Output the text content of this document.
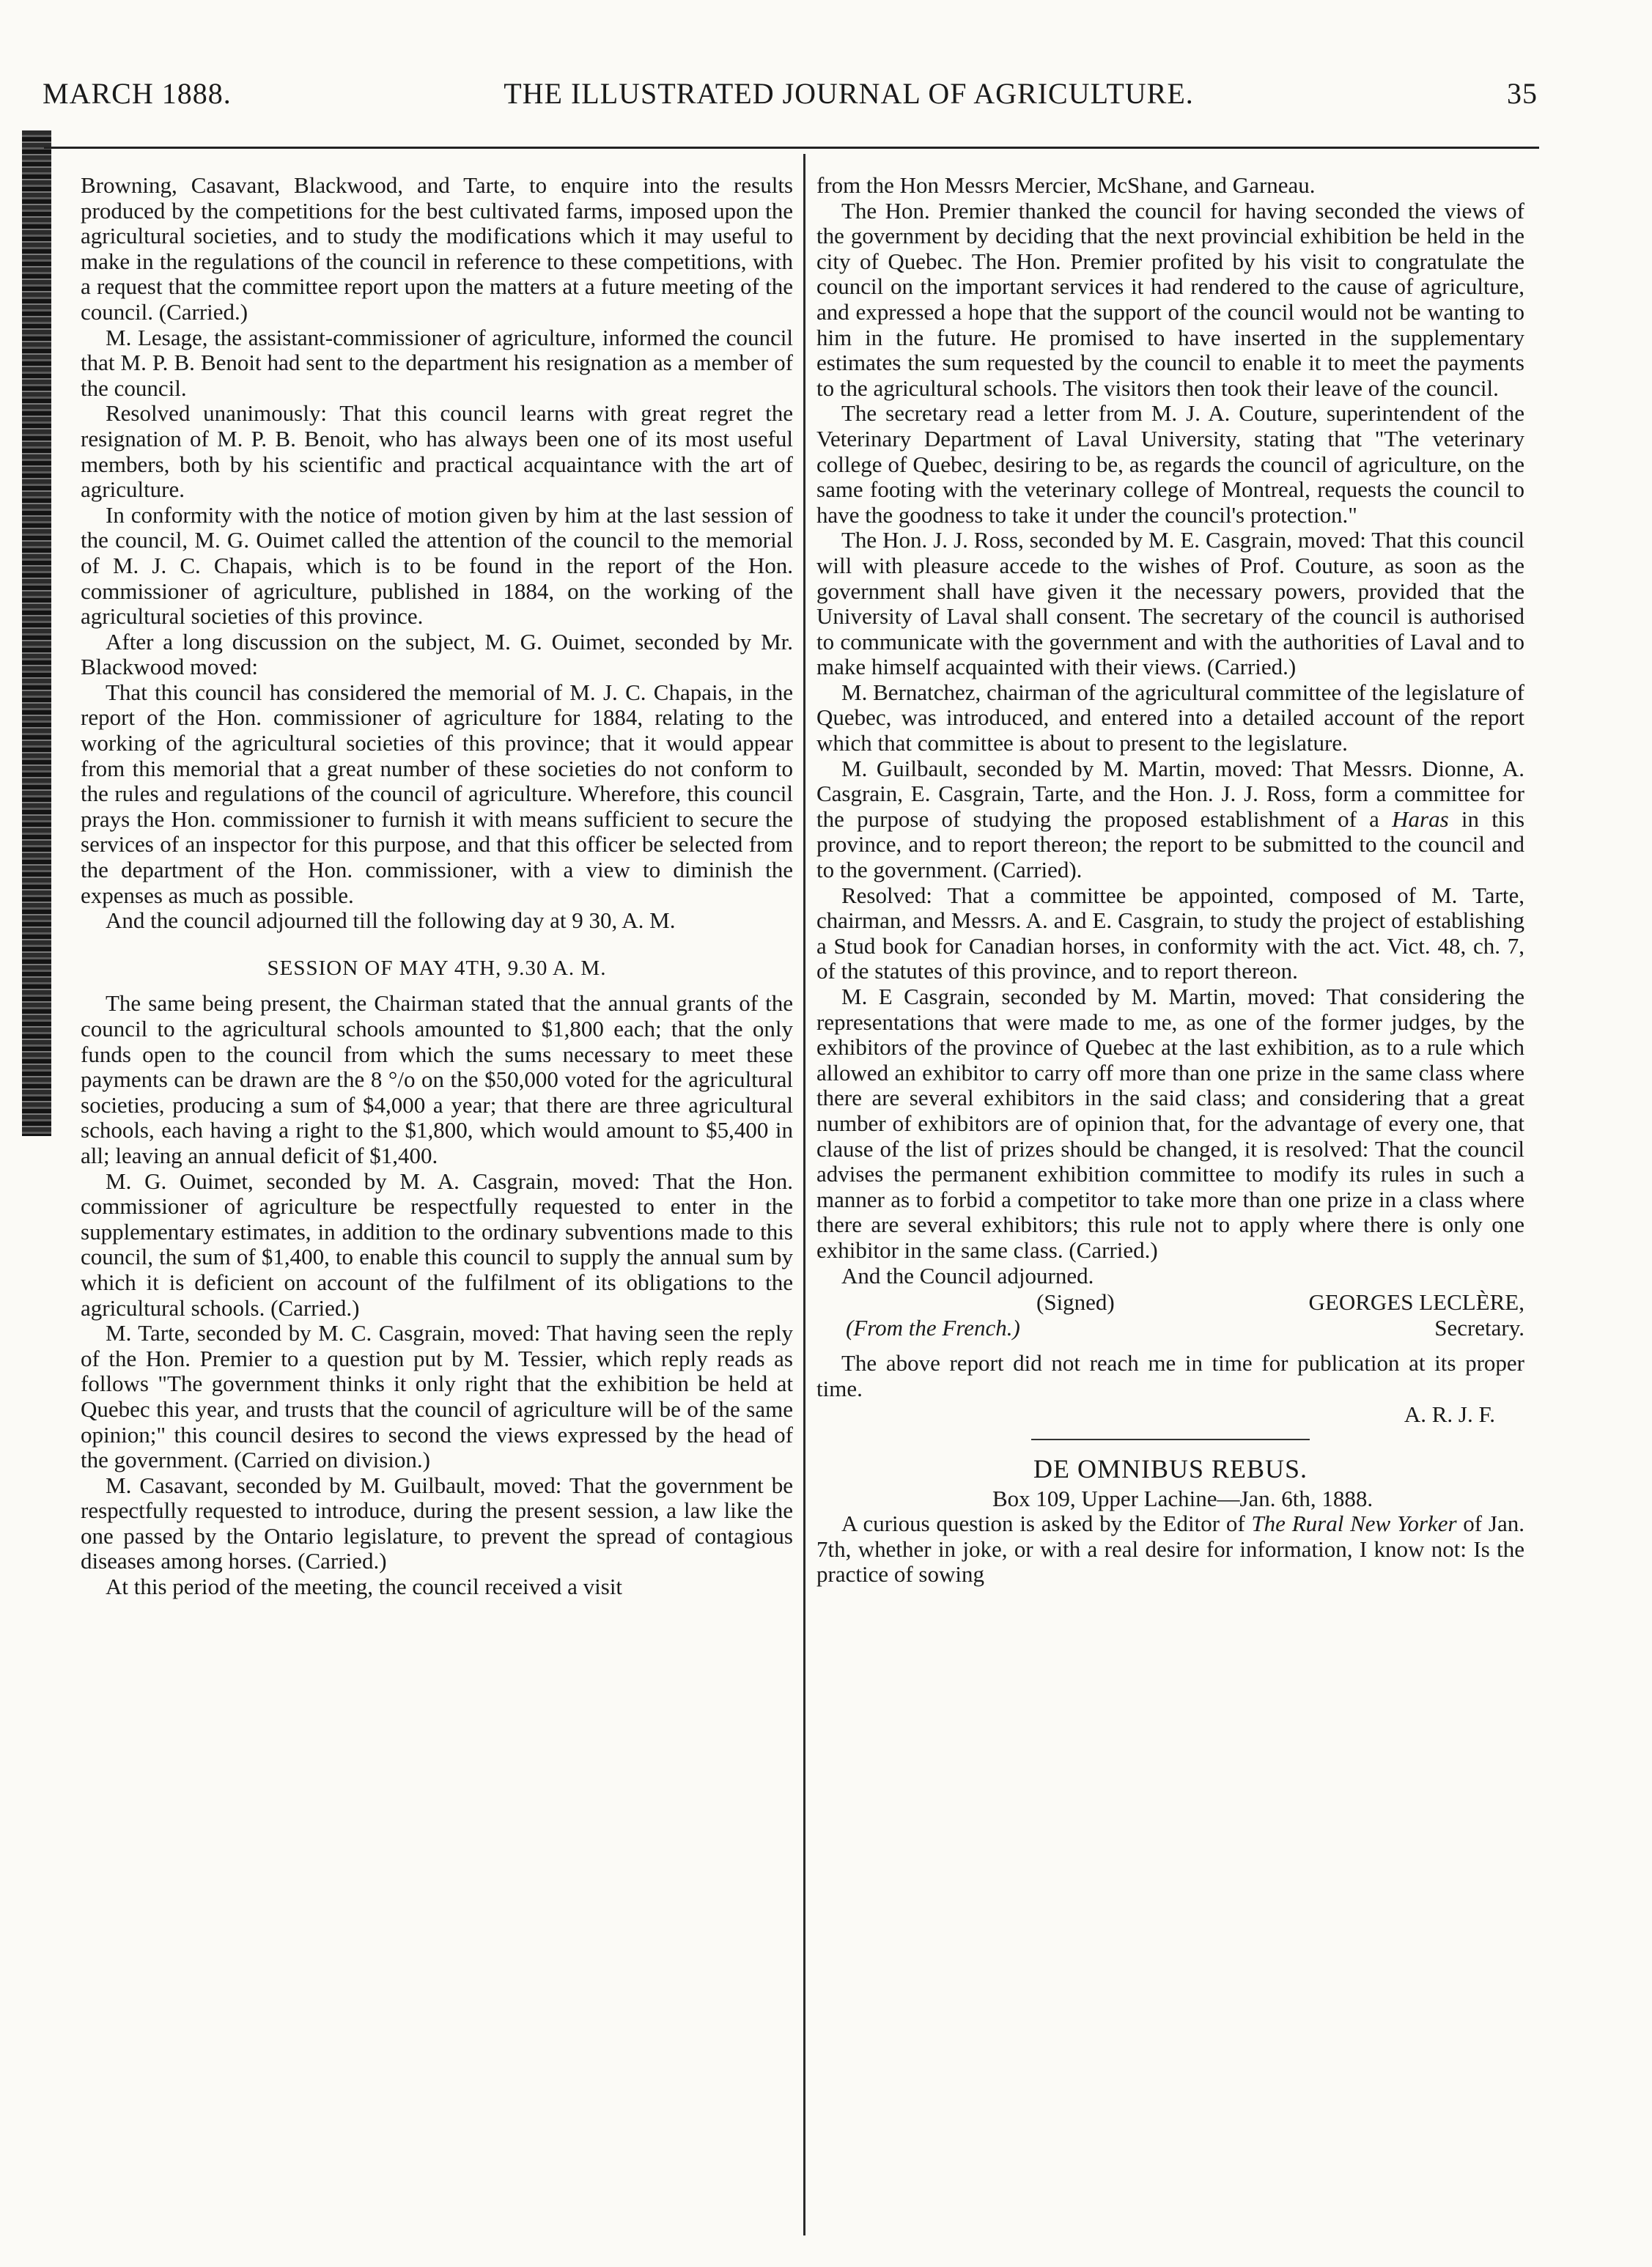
MARCH 1888.	THE ILLUSTRATED JOURNAL OF AGRICULTURE.	35

Browning, Casavant, Blackwood, and Tarte, to enquire into the results produced by the competitions for the best cultivated farms, imposed upon the agricultural societies, and to study the modifications which it may useful to make in the regulations of the council in reference to these competitions, with a request that the committee report upon the matters at a future meeting of the council. (Carried.)

M. Lesage, the assistant-commissioner of agriculture, informed the council that M. P. B. Benoit had sent to the department his resignation as a member of the council.

Resolved unanimously: That this council learns with great regret the resignation of M. P. B. Benoit, who has always been one of its most useful members, both by his scientific and practical acquaintance with the art of agriculture.

In conformity with the notice of motion given by him at the last session of the council, M. G. Ouimet called the attention of the council to the memorial of M. J. C. Chapais, which is to be found in the report of the Hon. commissioner of agriculture, published in 1884, on the working of the agricultural societies of this province.

After a long discussion on the subject, M. G. Ouimet, seconded by Mr. Blackwood moved:

That this council has considered the memorial of M. J. C. Chapais, in the report of the Hon. commissioner of agriculture for 1884, relating to the working of the agricultural societies of this province; that it would appear from this memorial that a great number of these societies do not conform to the rules and regulations of the council of agriculture. Wherefore, this council prays the Hon. commissioner to furnish it with means sufficient to secure the services of an inspector for this purpose, and that this officer be selected from the department of the Hon. commissioner, with a view to diminish the expenses as much as possible.

And the council adjourned till the following day at 9 30, A. M.

SESSION OF MAY 4TH, 9.30 A. M.

The same being present, the Chairman stated that the annual grants of the council to the agricultural schools amounted to $1,800 each; that the only funds open to the council from which the sums necessary to meet these payments can be drawn are the 8 °/o on the $50,000 voted for the agricultural societies, producing a sum of $4,000 a year; that there are three agricultural schools, each having a right to the $1,800, which would amount to $5,400 in all; leaving an annual deficit of $1,400.

M. G. Ouimet, seconded by M. A. Casgrain, moved: That the Hon. commissioner of agriculture be respectfully requested to enter in the supplementary estimates, in addition to the ordinary subventions made to this council, the sum of $1,400, to enable this council to supply the annual sum by which it is deficient on account of the fulfilment of its obligations to the agricultural schools. (Carried.)

M. Tarte, seconded by M. C. Casgrain, moved: That having seen the reply of the Hon. Premier to a question put by M. Tessier, which reply reads as follows "The government thinks it only right that the exhibition be held at Quebec this year, and trusts that the council of agriculture will be of the same opinion;" this council desires to second the views expressed by the head of the government. (Carried on division.)

M. Casavant, seconded by M. Guilbault, moved: That the government be respectfully requested to introduce, during the present session, a law like the one passed by the Ontario legislature, to prevent the spread of contagious diseases among horses. (Carried.)

At this period of the meeting, the council received a visit

from the Hon Messrs Mercier, McShane, and Garneau.

The Hon. Premier thanked the council for having seconded the views of the government by deciding that the next provincial exhibition be held in the city of Quebec. The Hon. Premier profited by his visit to congratulate the council on the important services it had rendered to the cause of agriculture, and expressed a hope that the support of the council would not be wanting to him in the future. He promised to have inserted in the supplementary estimates the sum requested by the council to enable it to meet the payments to the agricultural schools. The visitors then took their leave of the council.

The secretary read a letter from M. J. A. Couture, superintendent of the Veterinary Department of Laval University, stating that "The veterinary college of Quebec, desiring to be, as regards the council of agriculture, on the same footing with the veterinary college of Montreal, requests the council to have the goodness to take it under the council's protection."

The Hon. J. J. Ross, seconded by M. E. Casgrain, moved: That this council will with pleasure accede to the wishes of Prof. Couture, as soon as the government shall have given it the necessary powers, provided that the University of Laval shall consent. The secretary of the council is authorised to communicate with the government and with the authorities of Laval and to make himself acquainted with their views. (Carried.)

M. Bernatchez, chairman of the agricultural committee of the legislature of Quebec, was introduced, and entered into a detailed account of the report which that committee is about to present to the legislature.

M. Guilbault, seconded by M. Martin, moved: That Messrs. Dionne, A. Casgrain, E. Casgrain, Tarte, and the Hon. J. J. Ross, form a committee for the purpose of studying the proposed establishment of a Haras in this province, and to report thereon; the report to be submitted to the council and to the government. (Carried).

Resolved: That a committee be appointed, composed of M. Tarte, chairman, and Messrs. A. and E. Casgrain, to study the project of establishing a Stud book for Canadian horses, in conformity with the act. Vict. 48, ch. 7, of the statutes of this province, and to report thereon.

M. E Casgrain, seconded by M. Martin, moved: That considering the representations that were made to me, as one of the former judges, by the exhibitors of the province of Quebec at the last exhibition, as to a rule which allowed an exhibitor to carry off more than one prize in the same class where there are several exhibitors in the said class; and considering that a great number of exhibitors are of opinion that, for the advantage of every one, that clause of the list of prizes should be changed, it is resolved: That the council advises the permanent exhibition committee to modify its rules in such a manner as to forbid a competitor to take more than one prize in a class where there are several exhibitors; this rule not to apply where there is only one exhibitor in the same class. (Carried.)

And the Council adjourned.

(Signed)	GEORGES LECLÈRE,
(From the French.)	Secretary.

The above report did not reach me in time for publication at its proper time.

A. R. J. F.
DE OMNIBUS REBUS.
Box 109, Upper Lachine—Jan. 6th, 1888.

A curious question is asked by the Editor of The Rural New Yorker of Jan. 7th, whether in joke, or with a real desire for information, I know not: Is the practice of sowing
